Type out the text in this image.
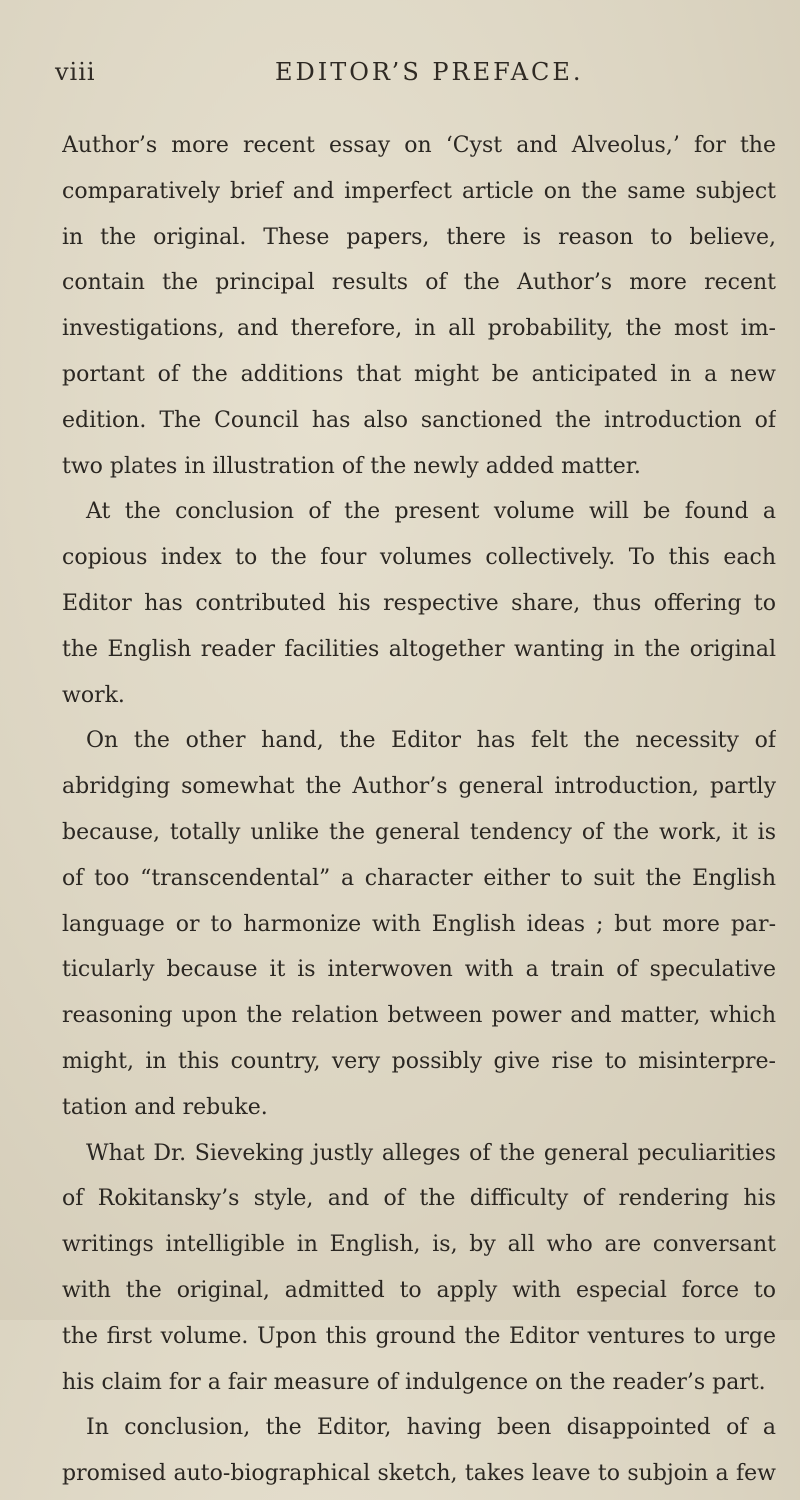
viii	EDITOR’S PREFACE.
Author’s more recent essay on ‘Cyst and Alveolus,’ for the
comparatively brief and imperfect article on the same subject
in the original. These papers, there is reason to believe,
contain the principal results of the Author’s more recent
investigations, and therefore, in all probability, the most im-
portant of the additions that might be anticipated in a new
edition. The Council has also sanctioned the introduction of
two plates in illustration of the newly added matter.
At the conclusion of the present volume will be found a
copious index to the four volumes collectively. To this each
Editor has contributed his respective share, thus offering to
the English reader facilities altogether wanting in the original
work.
On the other hand, the Editor has felt the necessity of
abridging somewhat the Author’s general introduction, partly
because, totally unlike the general tendency of the work, it is
of too “transcendental” a character either to suit the English
language or to harmonize with English ideas ; but more par-
ticularly because it is interwoven with a train of speculative
reasoning upon the relation between power and matter, which
might, in this country, very possibly give rise to misinterpre-
tation and rebuke.
What Dr. Sieveking justly alleges of the general peculiarities
of Rokitansky’s style, and of the difficulty of rendering his
writings intelligible in English, is, by all who are conversant
with the original, admitted to apply with especial force to
the first volume. Upon this ground the Editor ventures to urge
his claim for a fair measure of indulgence on the reader’s part.
In conclusion, the Editor, having been disappointed of a
promised auto-biographical sketch, takes leave to subjoin a few
